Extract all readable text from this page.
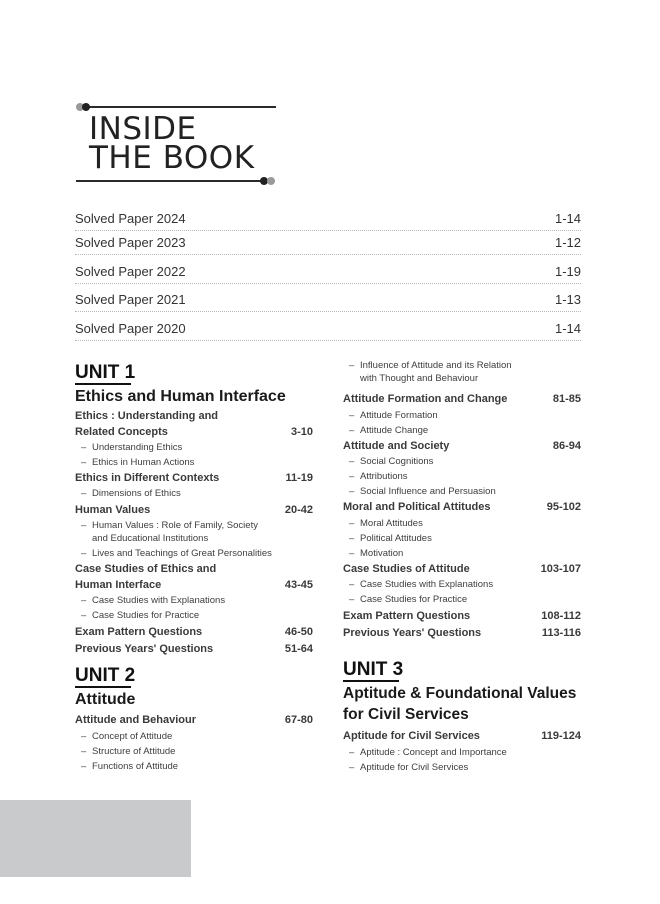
INSIDE
THE BOOK
Solved Paper 2024	1-14
Solved Paper 2023	1-12
Solved Paper 2022	1-19
Solved Paper 2021	1-13
Solved Paper 2020	1-14
UNIT 1
Ethics and Human Interface
Ethics : Understanding and
Related Concepts	3-10
– Understanding Ethics
– Ethics in Human Actions
Ethics in Different Contexts	11-19
– Dimensions of Ethics
Human Values	20-42
– Human Values : Role of Family, Society
and Educational Institutions
– Lives and Teachings of Great Personalities
Case Studies of Ethics and
Human Interface	43-45
– Case Studies with Explanations
– Case Studies for Practice
Exam Pattern Questions	46-50
Previous Years' Questions	51-64
UNIT 2
Attitude
Attitude and Behaviour	67-80
– Concept of Attitude
– Structure of Attitude
– Functions of Attitude
– Influence of Attitude and its Relation
with Thought and Behaviour
Attitude Formation and Change	81-85
– Attitude Formation
– Attitude Change
Attitude and Society	86-94
– Social Cognitions
– Attributions
– Social Influence and Persuasion
Moral and Political Attitudes	95-102
– Moral Attitudes
– Political Attitudes
– Motivation
Case Studies of Attitude	103-107
– Case Studies with Explanations
– Case Studies for Practice
Exam Pattern Questions	108-112
Previous Years' Questions	113-116
UNIT 3
Aptitude & Foundational Values
for Civil Services
Aptitude for Civil Services	119-124
– Aptitude : Concept and Importance
– Aptitude for Civil Services
